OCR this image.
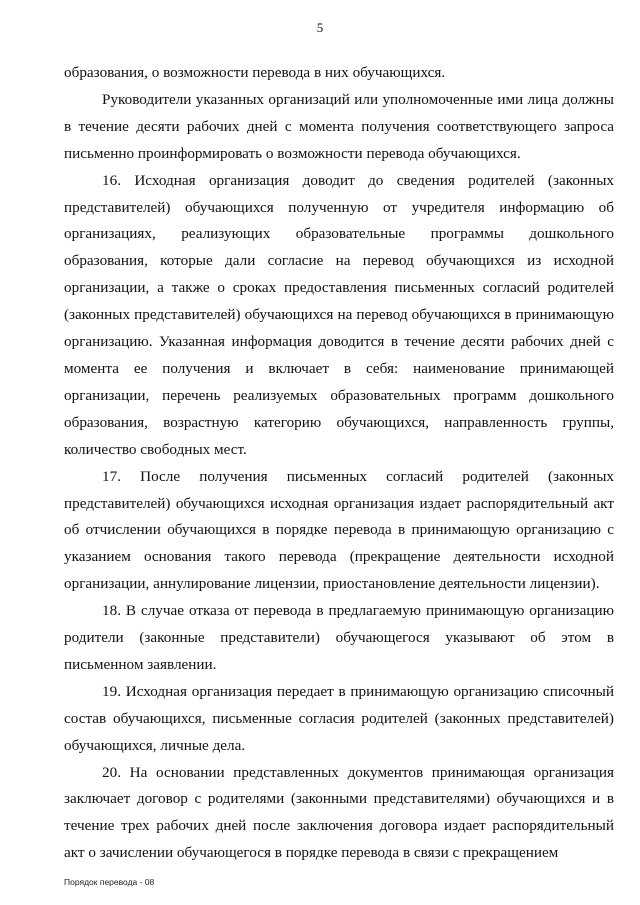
5

образования, о возможности перевода в них обучающихся.

Руководители указанных организаций или уполномоченные ими лица должны в течение десяти рабочих дней с момента получения соответствующего запроса письменно проинформировать о возможности перевода обучающихся.

16. Исходная организация доводит до сведения родителей (законных представителей) обучающихся полученную от учредителя информацию об организациях, реализующих образовательные программы дошкольного образования, которые дали согласие на перевод обучающихся из исходной организации, а также о сроках предоставления письменных согласий родителей (законных представителей) обучающихся на перевод обучающихся в принимающую организацию. Указанная информация доводится в течение десяти рабочих дней с момента ее получения и включает в себя: наименование принимающей организации, перечень реализуемых образовательных программ дошкольного образования, возрастную категорию обучающихся, направленность группы, количество свободных мест.

17. После получения письменных согласий родителей (законных представителей) обучающихся исходная организация издает распорядительный акт об отчислении обучающихся в порядке перевода в принимающую организацию с указанием основания такого перевода (прекращение деятельности исходной организации, аннулирование лицензии, приостановление деятельности лицензии).

18. В случае отказа от перевода в предлагаемую принимающую организацию родители (законные представители) обучающегося указывают об этом в письменном заявлении.

19. Исходная организация передает в принимающую организацию списочный состав обучающихся, письменные согласия родителей (законных представителей) обучающихся, личные дела.

20. На основании представленных документов принимающая организация заключает договор с родителями (законными представителями) обучающихся и в течение трех рабочих дней после заключения договора издает распорядительный акт о зачислении обучающегося в порядке перевода в связи с прекращением

Порядок перевода - 08
